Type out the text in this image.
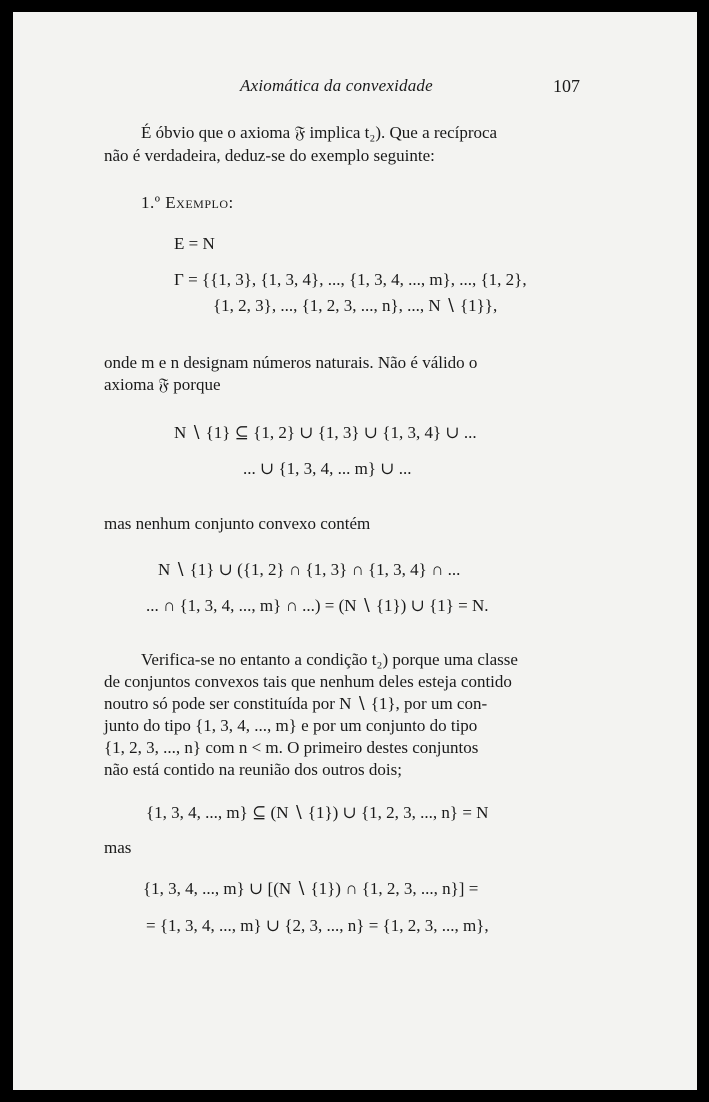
Axiomática da convexidade	107
É óbvio que o axioma 𝔉 implica t₂). Que a recíproca
não é verdadeira, deduz-se do exemplo seguinte:
1.º Exemplo:
E = N
Γ = {{1, 3}, {1, 3, 4}, ..., {1, 3, 4, ..., m}, ..., {1, 2},
{1, 2, 3}, ..., {1, 2, 3, ..., n}, ..., N ∖ {1}},
onde m e n designam números naturais. Não é válido o
axioma 𝔉 porque
N ∖ {1} ⊆ {1, 2} ∪ {1, 3} ∪ {1, 3, 4} ∪ ...
... ∪ {1, 3, 4, ... m} ∪ ...
mas nenhum conjunto convexo contém
N ∖ {1} ∪ ({1, 2} ∩ {1, 3} ∩ {1, 3, 4} ∩ ...
... ∩ {1, 3, 4, ..., m} ∩ ...) = (N ∖ {1}) ∪ {1} = N.
Verifica-se no entanto a condição t₂) porque uma classe
de conjuntos convexos tais que nenhum deles esteja contido
noutro só pode ser constituída por N ∖ {1}, por um con-
junto do tipo {1, 3, 4, ..., m} e por um conjunto do tipo
{1, 2, 3, ..., n} com n < m. O primeiro destes conjuntos
não está contido na reunião dos outros dois;
{1, 3, 4, ..., m} ⊆ (N ∖ {1}) ∪ {1, 2, 3, ..., n} = N
mas
{1, 3, 4, ..., m} ∪ [(N ∖ {1}) ∩ {1, 2, 3, ..., n}] =
= {1, 3, 4, ..., m} ∪ {2, 3, ..., n} = {1, 2, 3, ..., m},
